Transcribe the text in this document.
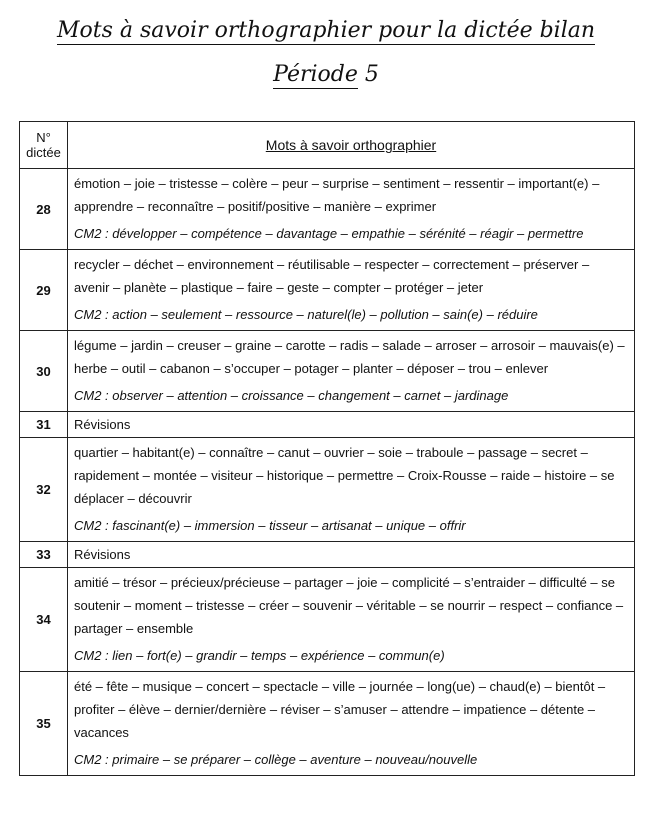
Mots à savoir orthographier pour la dictée bilan
Période 5
N° dictée	Mots à savoir orthographier
28	émotion – joie – tristesse – colère – peur – surprise – sentiment – ressentir – important(e) – apprendre – reconnaître – positif/positive – manière – exprimer
CM2 : développer – compétence – davantage – empathie – sérénité – réagir – permettre

29	recycler – déchet – environnement – réutilisable – respecter – correctement – préserver – avenir – planète – plastique – faire – geste – compter – protéger – jeter
CM2 : action – seulement – ressource – naturel(le) – pollution – sain(e) – réduire

30	légume – jardin – creuser – graine – carotte – radis – salade – arroser – arrosoir – mauvais(e) – herbe – outil – cabanon – s’occuper – potager – planter – déposer – trou – enlever
CM2 : observer – attention – croissance – changement – carnet – jardinage

31	Révisions
32	quartier – habitant(e) – connaître – canut – ouvrier – soie – traboule – passage – secret – rapidement – montée – visiteur – historique – permettre – Croix-Rousse – raide – histoire – se déplacer – découvrir
CM2 : fascinant(e) – immersion – tisseur – artisanat – unique – offrir

33	Révisions
34	amitié – trésor – précieux/précieuse – partager – joie – complicité – s’entraider – difficulté – se soutenir – moment – tristesse – créer – souvenir – véritable – se nourrir – respect – confiance – partager – ensemble
CM2 : lien – fort(e) – grandir – temps – expérience – commun(e)

35	été – fête – musique – concert – spectacle – ville – journée – long(ue) – chaud(e) – bientôt – profiter – élève – dernier/dernière – réviser – s’amuser – attendre – impatience – détente – vacances
CM2 : primaire – se préparer – collège – aventure – nouveau/nouvelle
